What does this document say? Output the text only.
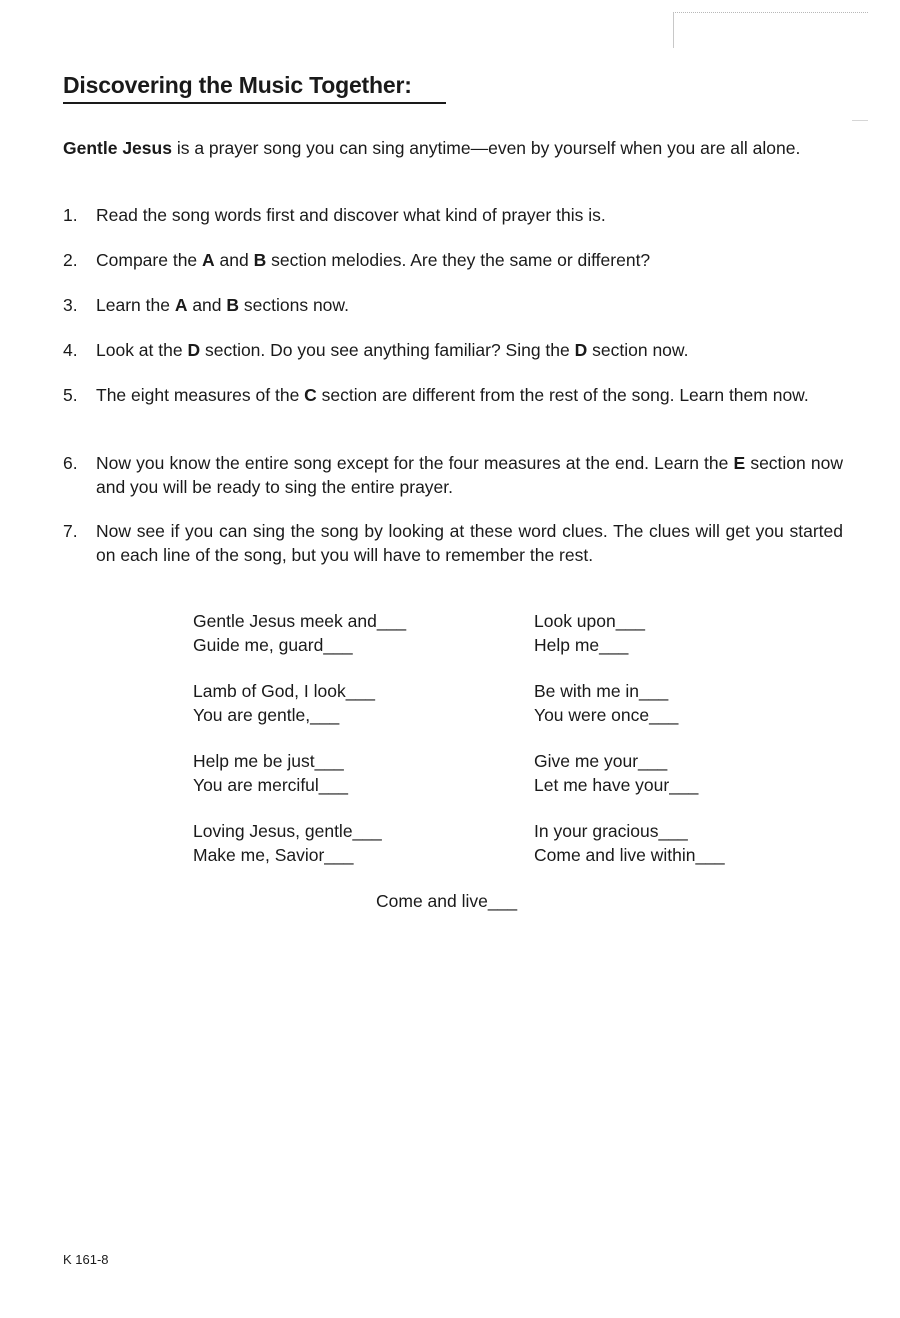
Discovering the Music Together:

Gentle Jesus is a prayer song you can sing anytime—even by yourself when you are all alone.

1.	Read the song words first and discover what kind of prayer this is.
2.	Compare the A and B section melodies. Are they the same or different?
3.	Learn the A and B sections now.
4.	Look at the D section. Do you see anything familiar? Sing the D section now.
5.	The eight measures of the C section are different from the rest of the song. Learn them now.
6.	Now you know the entire song except for the four measures at the end. Learn the E section now and you will be ready to sing the entire prayer.
7.	Now see if you can sing the song by looking at these word clues. The clues will get you started on each line of the song, but you will have to remember the rest.
Gentle Jesus meek and___
Guide me, guard___
Lamb of God, I look___
You are gentle,___
Help me be just___
You are merciful___
Loving Jesus, gentle___
Make me, Savior___
Look upon___
Help me___
Be with me in___
You were once___
Give me your___
Let me have your___
In your gracious___
Come and live within___
Come and live___
K 161-8
